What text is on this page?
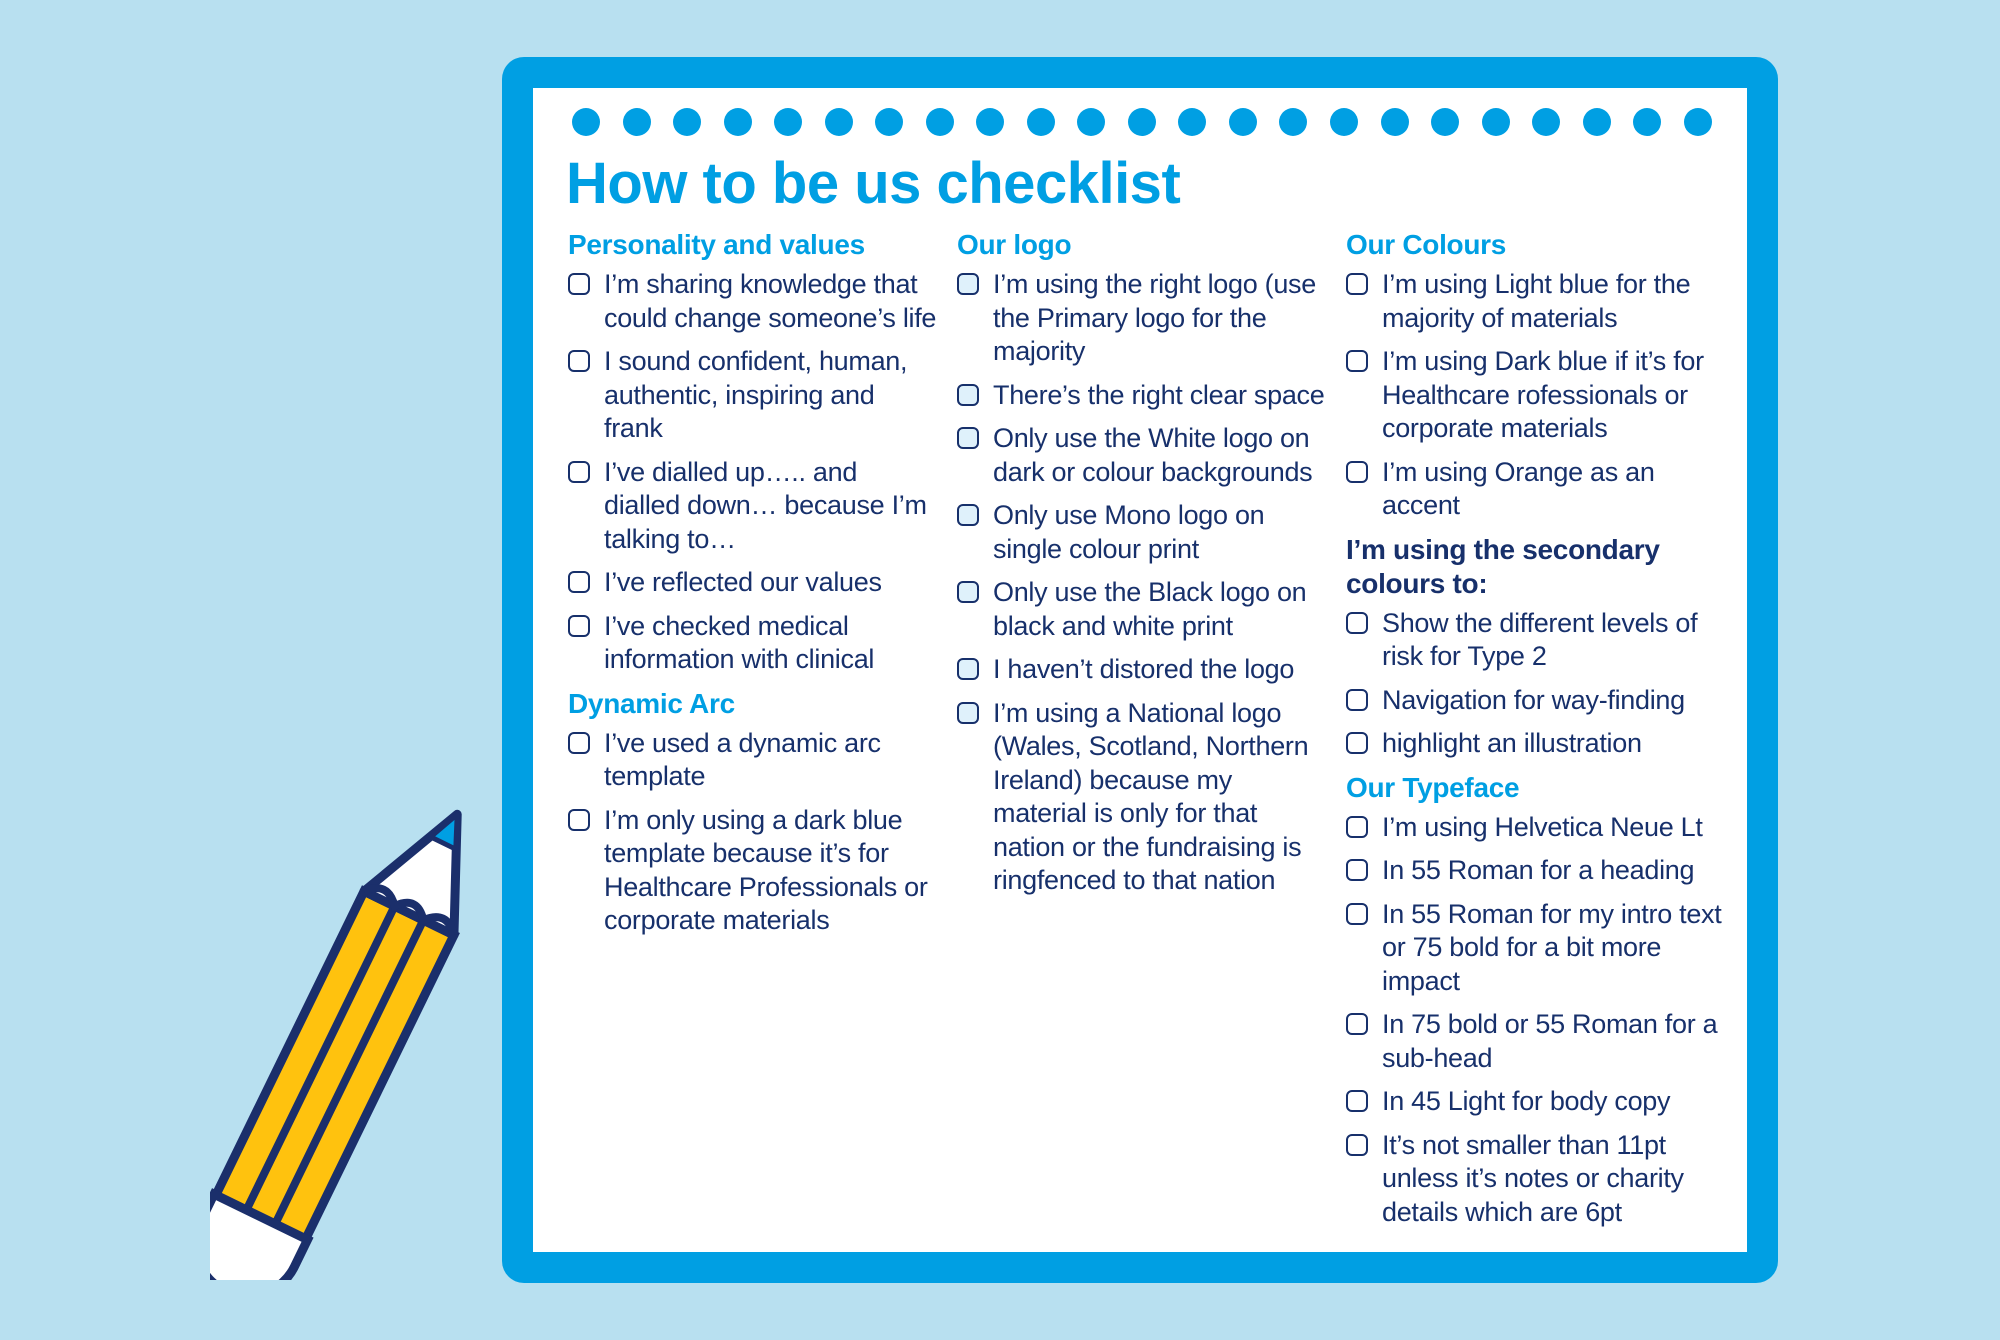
How to be us checklist
Personality and values
I’m sharing knowledge that could change someone’s life
I sound confident, human, authentic, inspiring and frank
I’ve dialled up….. and dialled down… because I’m talking to…
I’ve reflected our values
I’ve checked medical information with clinical
Dynamic Arc
I’ve used a dynamic arc template
I’m only using a dark blue template because it’s for Healthcare Professionals or corporate materials
Our logo
I’m using the right logo (use the Primary logo for the majority
There’s the right clear space
Only use the White logo on dark or colour backgrounds
Only use Mono logo on single colour print
Only use the Black logo on black and white print
I haven’t distored the logo
I’m using a National logo (Wales, Scotland, Northern Ireland) because my material is only for that nation or the fundraising is ringfenced to that nation
Our Colours
I’m using Light blue for the majority of materials
I’m using Dark blue if it’s for Healthcare rofessionals or corporate materials
I’m using Orange as an accent
I’m using the secondary colours to:
Show the different levels of risk for Type 2
Navigation for way-finding
highlight an illustration
Our Typeface
I’m using Helvetica Neue Lt
In 55 Roman for a heading
In 55 Roman for my intro text or 75 bold for a bit more impact
In 75 bold or 55 Roman for a sub-head
In 45 Light for body copy
It’s not smaller than 11pt unless it’s notes or charity details which are 6pt
